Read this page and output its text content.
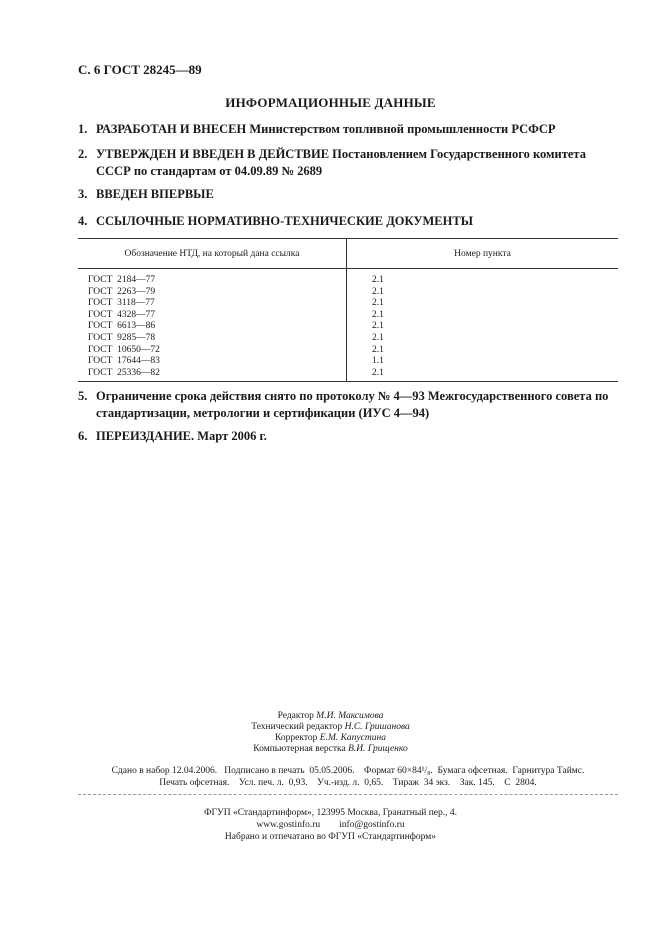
С. 6 ГОСТ 28245—89
ИНФОРМАЦИОННЫЕ ДАННЫЕ
1. РАЗРАБОТАН И ВНЕСЕН Министерством топливной промышленности РСФСР
2. УТВЕРЖДЕН И ВВЕДЕН В ДЕЙСТВИЕ Постановлением Государственного комитета СССР по стандартам от 04.09.89 № 2689
3. ВВЕДЕН ВПЕРВЫЕ
4. ССЫЛОЧНЫЕ НОРМАТИВНО-ТЕХНИЧЕСКИЕ ДОКУМЕНТЫ
Обозначение НТД, на который дана ссылка	Номер пункта
ГОСТ  2184—77	2.1
ГОСТ  2263—79	2.1
ГОСТ  3118—77	2.1
ГОСТ  4328—77	2.1
ГОСТ  6613—86	2.1
ГОСТ  9285—78	2.1
ГОСТ  10650—72	2.1
ГОСТ  17644—83	1.1
ГОСТ  25336—82	2.1

5. Ограничение срока действия снято по протоколу № 4—93 Межгосударственного совета по стандартизации, метрологии и сертификации (ИУС 4—94)
6. ПЕРЕИЗДАНИЕ. Март 2006 г.
Редактор М.И. Максимова
Технический редактор Н.С. Гришанова
Корректор Е.М. Капустина
Компьютерная верстка В.И. Грищенко
Сдано в набор 12.04.2006.   Подписано в печать  05.05.2006.    Формат 60×84¹/₈.  Бумага офсетная.  Гарнитура Таймс.
Печать офсетная.    Усл. печ. л.  0,93.    Уч.-изд. л.  0,65.    Тираж  34 экз.    Зак. 145.    С  2804.
ФГУП «Стандартинформ», 123995 Москва, Гранатный пер., 4.
www.gostinfo.ru        info@gostinfo.ru
Набрано и отпечатано во ФГУП «Стандартинформ»
